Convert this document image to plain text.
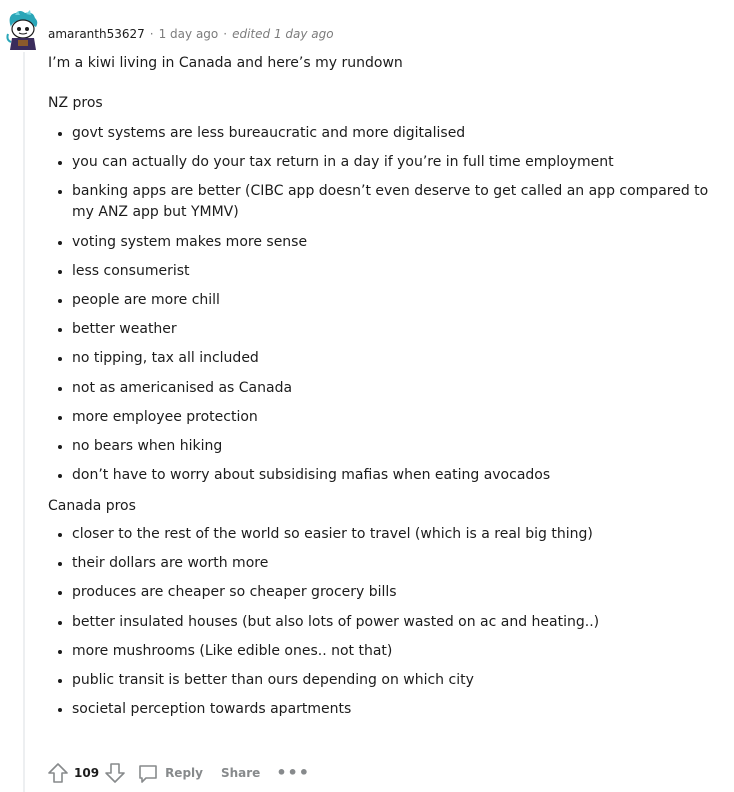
amaranth53627 · 1 day ago · edited 1 day ago

I’m a kiwi living in Canada and here’s my rundown

NZ pros

• govt systems are less bureaucratic and more digitalised
• you can actually do your tax return in a day if you’re in full time employment
• banking apps are better (CIBC app doesn’t even deserve to get called an app compared to my ANZ app but YMMV)
• voting system makes more sense
• less consumerist
• people are more chill
• better weather
• no tipping, tax all included
• not as americanised as Canada
• more employee protection
• no bears when hiking
• don’t have to worry about subsidising mafias when eating avocados

Canada pros

• closer to the rest of the world so easier to travel (which is a real big thing)
• their dollars are worth more
• produces are cheaper so cheaper grocery bills
• better insulated houses (but also lots of power wasted on ac and heating..)
• more mushrooms (Like edible ones.. not that)
• public transit is better than ours depending on which city
• societal perception towards apartments
109	Reply Share •••
